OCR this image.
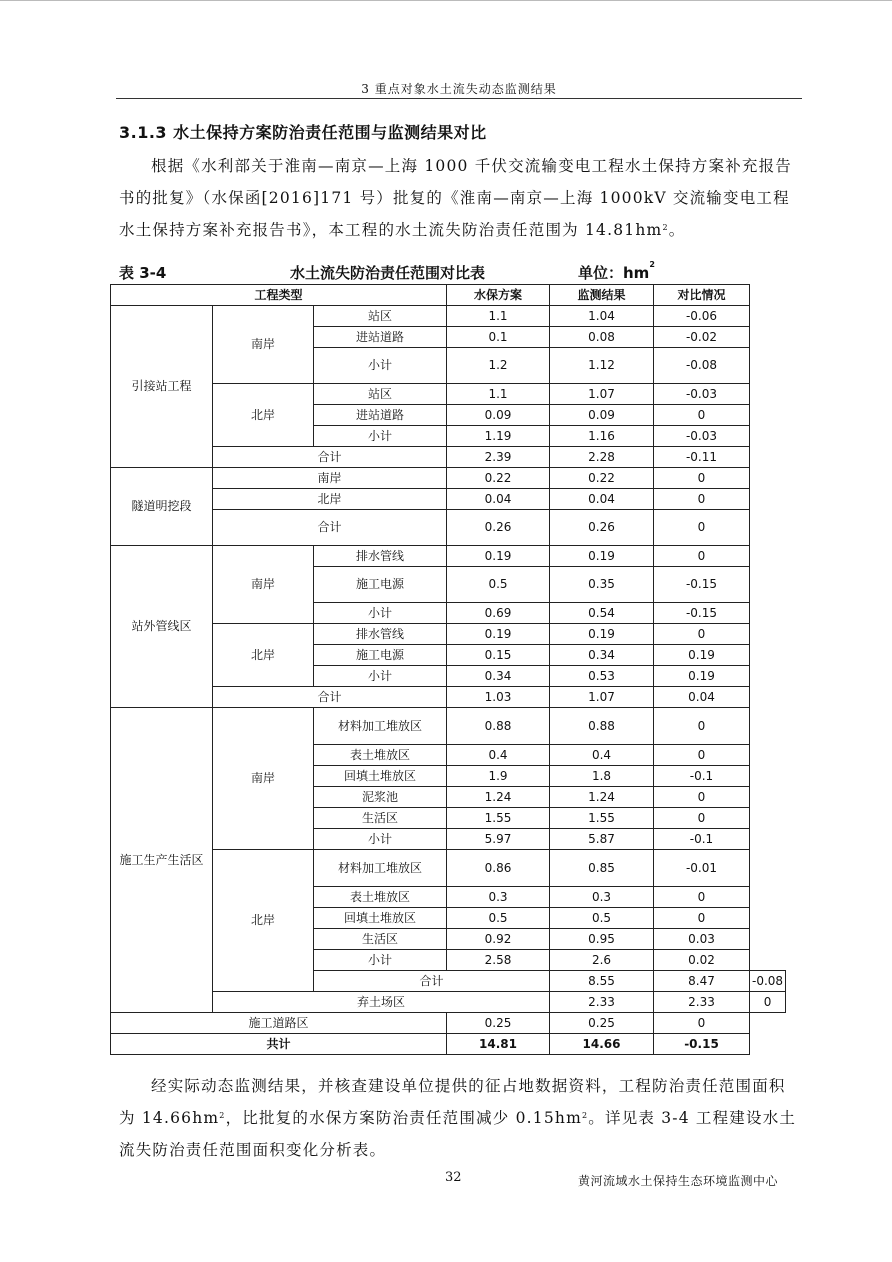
3 重点对象水土流失动态监测结果
3.1.3 水土保持方案防治责任范围与监测结果对比
根据《水利部关于淮南—南京—上海 1000 千伏交流输变电工程水土保持方案补充报告书的批复》（水保函[2016]171 号）批复的《淮南—南京—上海 1000kV 交流输变电工程水土保持方案补充报告书》，本工程的水土流失防治责任范围为 $14.81hm^2$。
表 3-4	水土流失防治责任范围对比表	单位：$hm^2$
工程类型			水保方案	监测结果	对比情况	
引接站工程	南岸	站区	1.1	1.04	-0.06	
		进站道路	0.1	0.08	-0.02	
		小计	1.2	1.12	-0.08	
	北岸	站区	1.1	1.07	-0.03	
		进站道路	0.09	0.09	0	
		小计	1.19	1.16	-0.03	
	合计		2.39	2.28	-0.11	
隧道明挖段	南岸		0.22	0.22	0	
	北岸		0.04	0.04	0	
	合计		0.26	0.26	0	
站外管线区	南岸	排水管线	0.19	0.19	0	
		施工电源	0.5	0.35	-0.15	
		小计	0.69	0.54	-0.15	
	北岸	排水管线	0.19	0.19	0	
		施工电源	0.15	0.34	0.19	
		小计	0.34	0.53	0.19	
	合计		1.03	1.07	0.04	
施工生产生活区	南岸	材料加工堆放区	0.88	0.88	0	
		表土堆放区	0.4	0.4	0	
		回填土堆放区	1.9	1.8	-0.1	
		泥浆池	1.24	1.24	0	
		生活区	1.55	1.55	0	
		小计	5.97	5.87	-0.1	
	北岸	材料加工堆放区	0.86	0.85	-0.01	
		表土堆放区	0.3	0.3	0	
		回填土堆放区	0.5	0.5	0	
		生活区	0.92	0.95	0.03	
		小计	2.58	2.6	0.02	
		合计		8.55	8.47	-0.08
	弃土场区			2.33	2.33	0
施工道路区			0.25	0.25	0	
共计			14.81	14.66	-0.15	
经实际动态监测结果，并核查建设单位提供的征占地数据资料，工程防治责任范围面积为 $14.66hm^2$，比批复的水保方案防治责任范围减少 $0.15hm^2$。详见表 3-4 工程建设水土流失防治责任范围面积变化分析表。
32	黄河流域水土保持生态环境监测中心
